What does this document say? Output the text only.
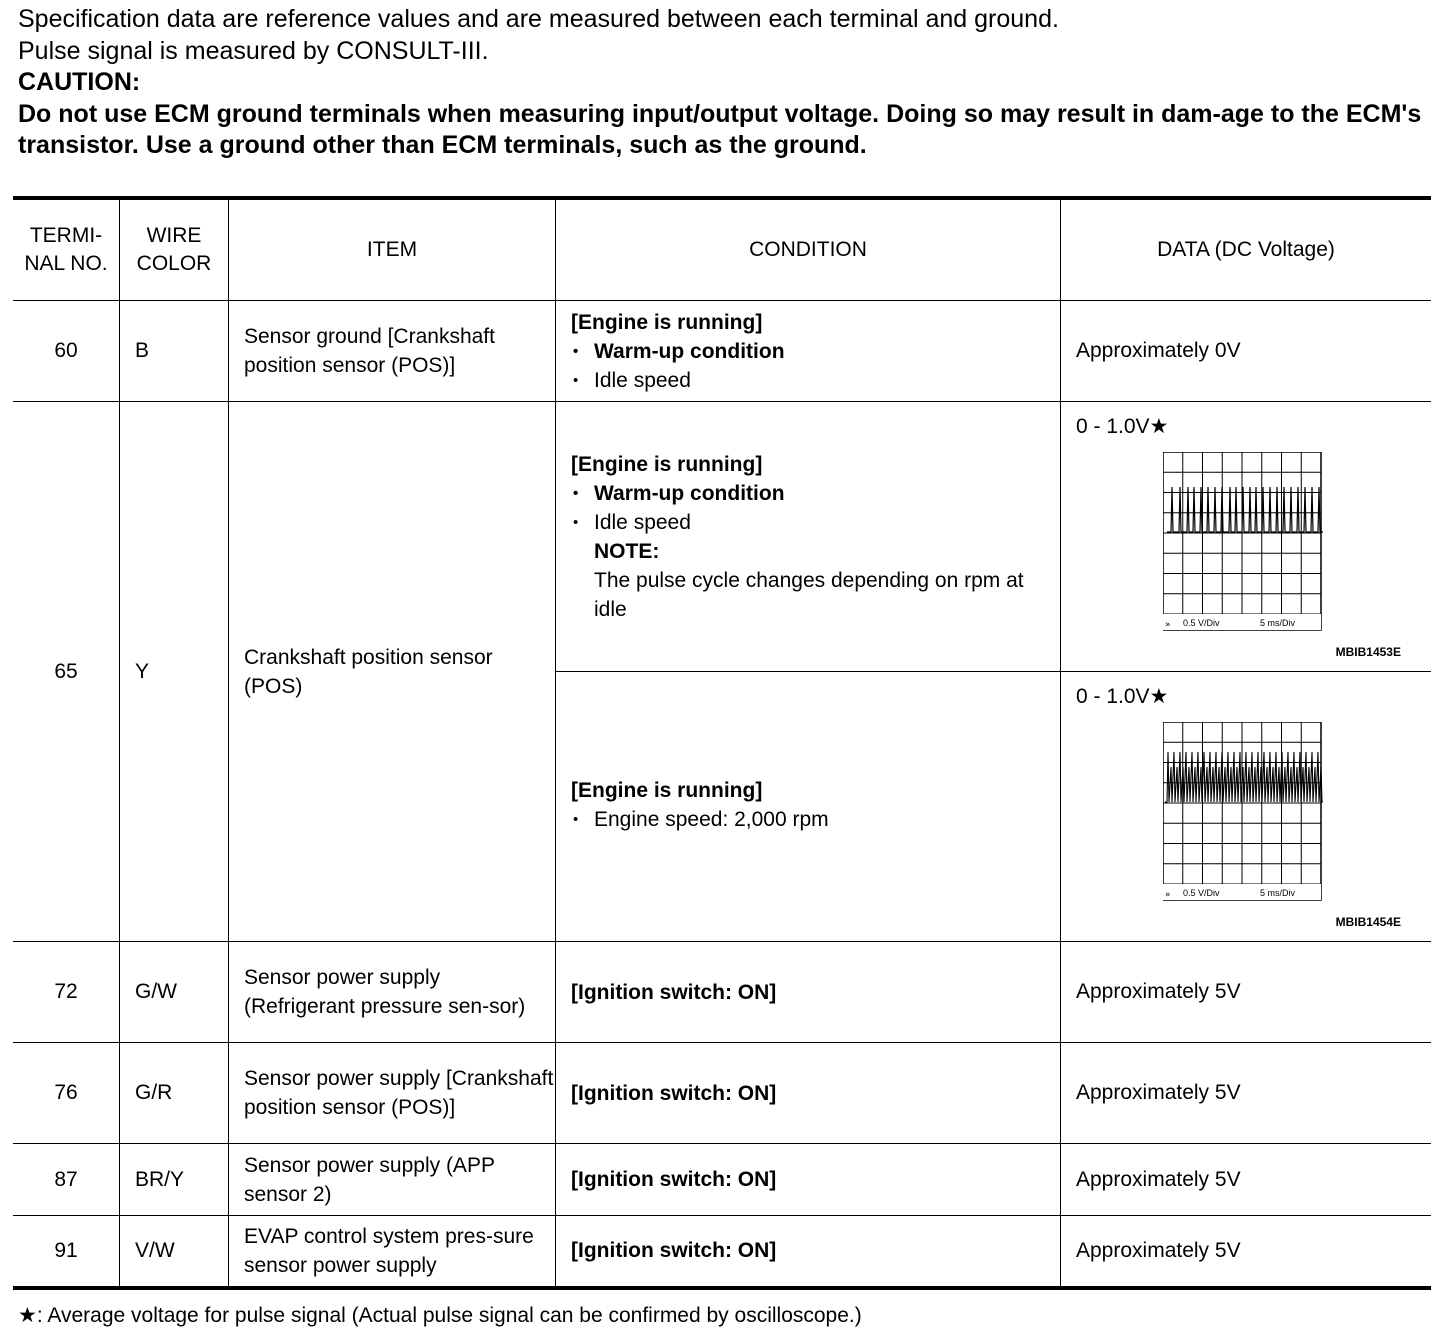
Specification data are reference values and are measured between each terminal and ground.
Pulse signal is measured by CONSULT-III.
CAUTION:
Do not use ECM ground terminals when measuring input/output voltage. Doing so may result in dam-age to the ECM's transistor. Use a ground other than ECM terminals, such as the ground.
TERMI-NAL NO.	WIRE COLOR	ITEM	CONDITION	DATA (DC Voltage)
60	B	Sensor ground [Crankshaft position sensor (POS)]	[Engine is running]
• Warm-up condition
• Idle speed	Approximately 0V
65	Y	Crankshaft position sensor (POS)	[Engine is running]
• Warm-up condition
• Idle speed
NOTE:
The pulse cycle changes depending on rpm at idle	0 - 1.0V★
» 0.5 V/Div 5 ms/Div
MBIB1453E

			[Engine is running]
• Engine speed: 2,000 rpm	0 - 1.0V★
» 0.5 V/Div 5 ms/Div
MBIB1454E

72	G/W	Sensor power supply (Refrigerant pressure sen-sor)	[Ignition switch: ON]	Approximately 5V
76	G/R	Sensor power supply [Crankshaft position sensor (POS)]	[Ignition switch: ON]	Approximately 5V
87	BR/Y	Sensor power supply (APP sensor 2)	[Ignition switch: ON]	Approximately 5V
91	V/W	EVAP control system pres-sure sensor power supply	[Ignition switch: ON]	Approximately 5V
★: Average voltage for pulse signal (Actual pulse signal can be confirmed by oscilloscope.)
